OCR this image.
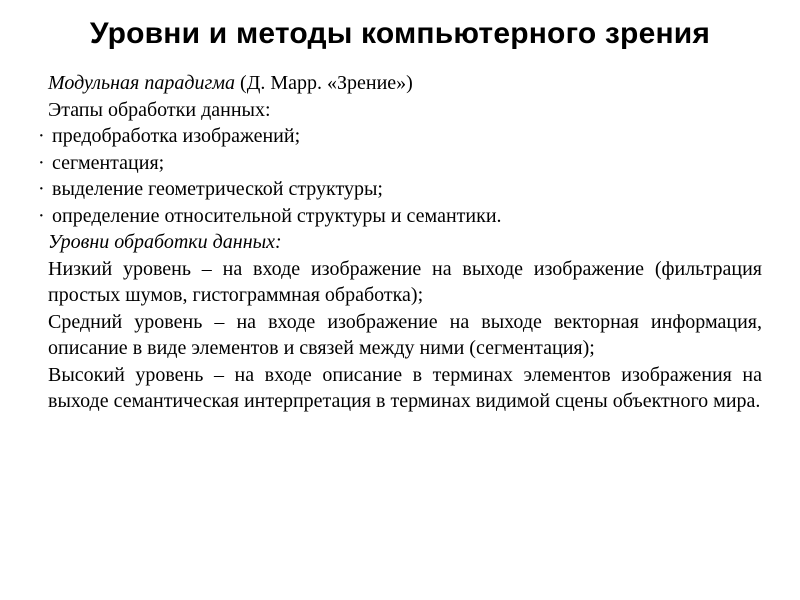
Уровни и методы компьютерного зрения

Модульная парадигма (Д. Марр. «Зрение»)

Этапы обработки данных:

· предобработка изображений;

· сегментация;

· выделение геометрической структуры;

· определение относительной структуры и семантики.

Уровни обработки данных:

Низкий уровень – на входе изображение на выходе изображение (фильтрация простых шумов, гистограммная обработка);

Средний уровень – на входе изображение на выходе векторная информация, описание в виде элементов и связей между ними (сегментация);

Высокий уровень – на входе описание в терминах элементов изображения на выходе семантическая интерпретация в терминах видимой сцены объектного мира.
